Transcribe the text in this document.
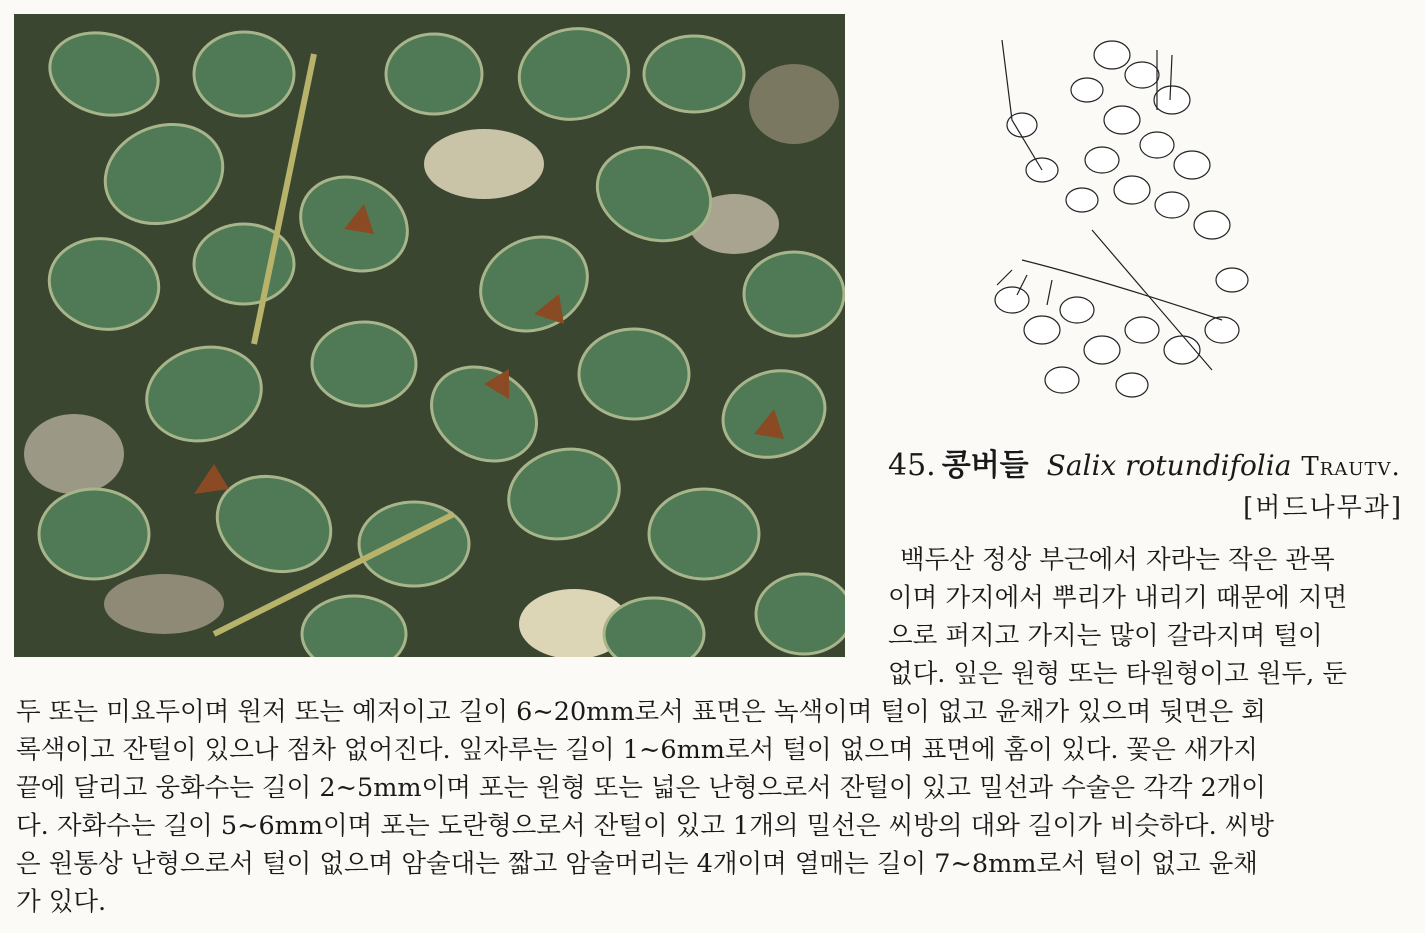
45. 콩버들 Salix rotundifolia Trautv.
[버드나무과]
백두산 정상 부근에서 자라는 작은 관목
이며 가지에서 뿌리가 내리기 때문에 지면
으로 퍼지고 가지는 많이 갈라지며 털이
없다. 잎은 원형 또는 타원형이고 원두, 둔
두 또는 미요두이며 원저 또는 예저이고 길이 6∼20mm로서 표면은 녹색이며 털이 없고 윤채가 있으며 뒷면은 회
록색이고 잔털이 있으나 점차 없어진다. 잎자루는 길이 1∼6mm로서 털이 없으며 표면에 홈이 있다. 꽃은 새가지
끝에 달리고 웅화수는 길이 2∼5mm이며 포는 원형 또는 넓은 난형으로서 잔털이 있고 밀선과 수술은 각각 2개이
다. 자화수는 길이 5∼6mm이며 포는 도란형으로서 잔털이 있고 1개의 밀선은 씨방의 대와 길이가 비슷하다. 씨방
은 원통상 난형으로서 털이 없으며 암술대는 짧고 암술머리는 4개이며 열매는 길이 7∼8mm로서 털이 없고 윤채
가 있다.
